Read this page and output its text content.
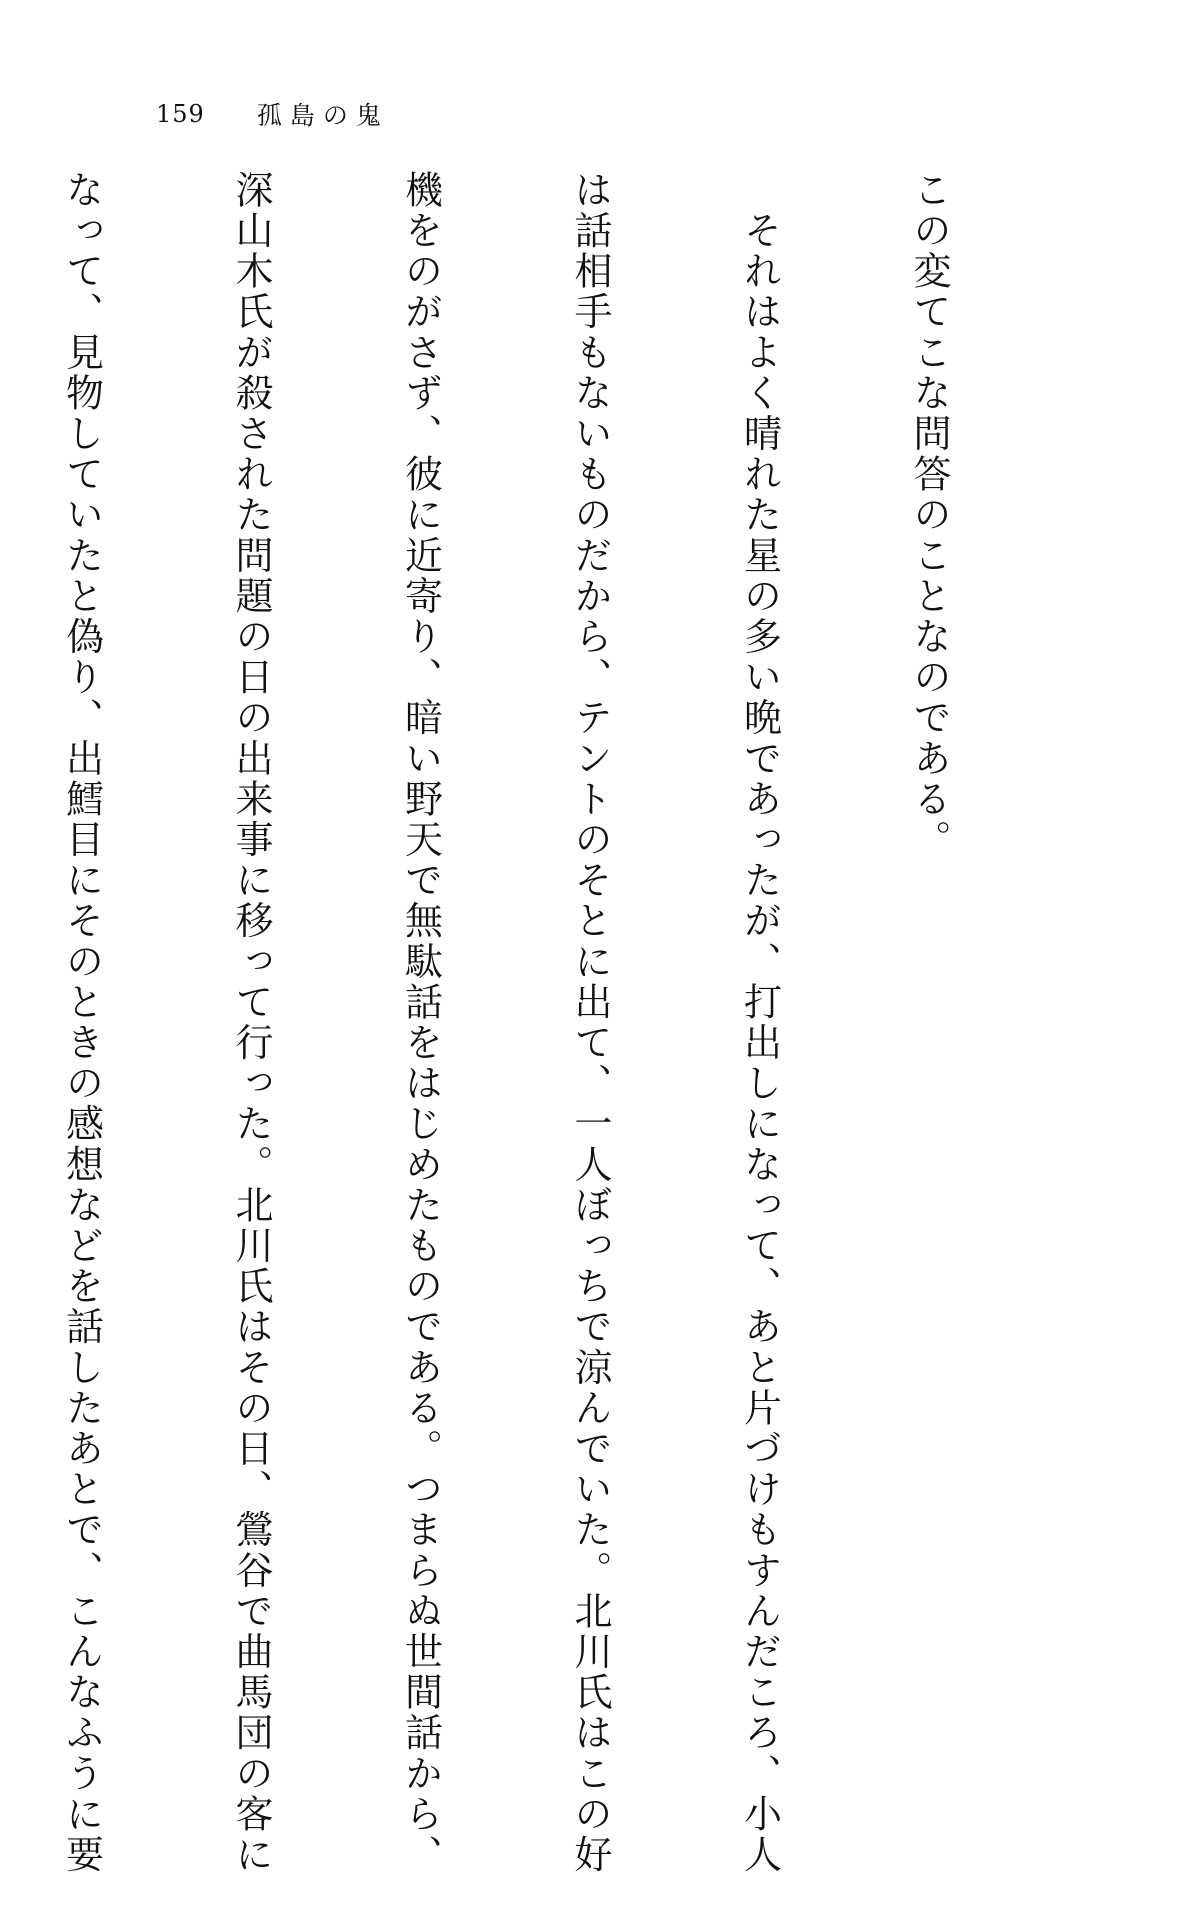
159 孤島の鬼

この変てこな問答のことなのである。

　それはよく晴れた星の多い晩であったが、打出しになって、あと片づけもすんだころ、小人

は話相手もないものだから、テントのそとに出て、一人ぼっちで涼んでいた。北川氏はこの好

機をのがさず、彼に近寄り、暗い野天で無駄話をはじめたものである。つまらぬ世間話から、

深山木氏が殺された問題の日の出来事に移って行った。北川氏はその日、鶯谷で曲馬団の客に

なって、見物していたと偽り、出鱈目にそのときの感想などを話したあとで、こんなふうに要
